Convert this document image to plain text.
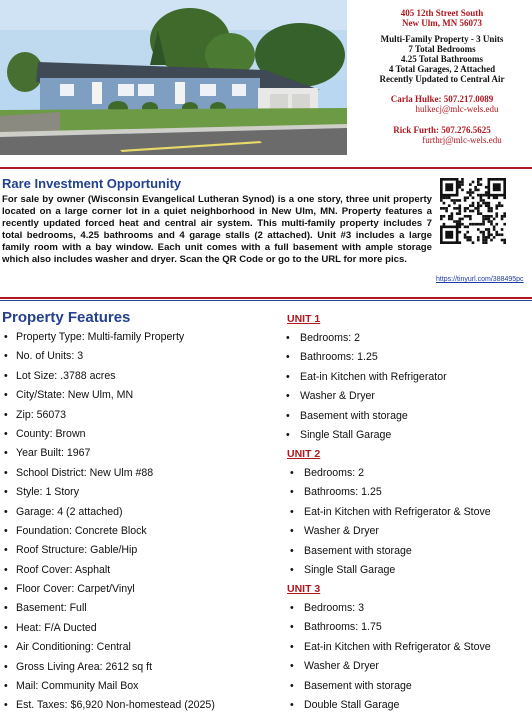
405 12th Street South
New Ulm, MN 56073
Multi-Family Property - 3 Units
7 Total Bedrooms
4.25 Total Bathrooms
4 Total Garages, 2 Attached
Recently Updated to Central Air
Carla Hulke: 507.217.0089
hulkecj@mlc-wels.edu
Rick Furth: 507.276.5625
furthrj@mlc-wels.edu
Rare Investment Opportunity
For sale by owner (Wisconsin Evangelical Lutheran Synod) is a one story, three unit property located on a large corner lot in a quiet neighborhood in New Ulm, MN. Property features a recently updated forced heat and central air system. This multi-family property includes 7 total bedrooms, 4.25 bathrooms and 4 garage stalls (2 attached). Unit #3 includes a large family room with a bay window. Each unit comes with a full basement with ample storage which also includes washer and dryer. Scan the QR Code or go to the URL for more pics.
https://tinyurl.com/388495pc
Property Features
• Property Type: Multi-family Property
• No. of Units: 3
• Lot Size: .3788 acres
• City/State: New Ulm, MN
• Zip: 56073
• County: Brown
• Year Built: 1967
• School District: New Ulm #88
• Style: 1 Story
• Garage: 4 (2 attached)
• Foundation: Concrete Block
• Roof Structure: Gable/Hip
• Roof Cover: Asphalt
• Floor Cover: Carpet/Vinyl
• Basement: Full
• Heat: F/A Ducted
• Air Conditioning: Central
• Gross Living Area: 2612 sq ft
• Mail: Community Mail Box
• Est. Taxes: $6,920 Non-homestead (2025)
UNIT 1
• Bedrooms: 2
• Bathrooms: 1.25
• Eat-in Kitchen with Refrigerator
• Washer & Dryer
• Basement with storage
• Single Stall Garage
UNIT 2
• Bedrooms: 2
• Bathrooms: 1.25
• Eat-in Kitchen with Refrigerator & Stove
• Washer & Dryer
• Basement with storage
• Single Stall Garage
UNIT 3
• Bedrooms: 3
• Bathrooms: 1.75
• Eat-in Kitchen with Refrigerator & Stove
• Washer & Dryer
• Basement with storage
• Double Stall Garage
